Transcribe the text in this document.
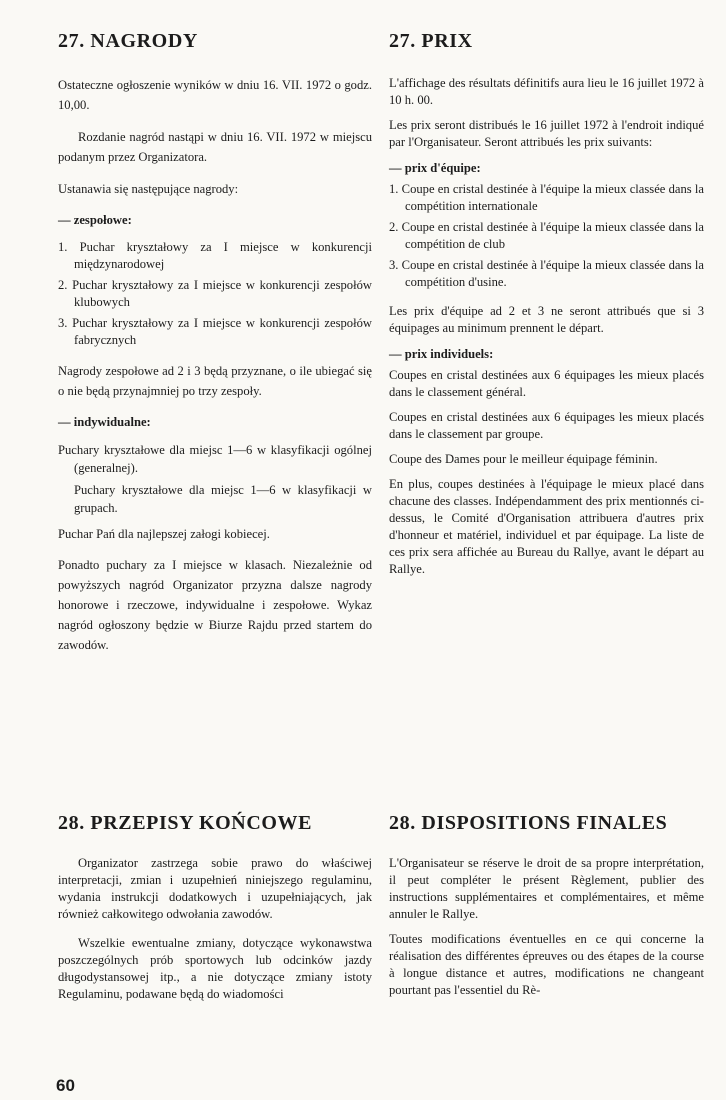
27. NAGRODY

Ostateczne ogłoszenie wyników w dniu 16. VII. 1972 o godz. 10,00.

Rozdanie nagród nastąpi w dniu 16. VII. 1972 w miejscu podanym przez Organizatora.

Ustanawia się następujące nagrody:

— zespołowe:
1. Puchar kryształowy za I miejsce w konkurencji międzynarodowej
2. Puchar kryształowy za I miejsce w konkurencji zespołów klubowych
3. Puchar kryształowy za I miejsce w konkurencji zespołów fabrycznych

Nagrody zespołowe ad 2 i 3 będą przyznane, o ile ubiegać się o nie będą przynajmniej po trzy zespoły.

— indywidualne:

Puchary kryształowe dla miejsc 1—6 w klasyfikacji ogólnej (generalnej).

Puchary kryształowe dla miejsc 1—6 w klasyfikacji w grupach.

Puchar Pań dla najlepszej załogi kobiecej.

Ponadto puchary za I miejsce w klasach. Niezależnie od powyższych nagród Organizator przyzna dalsze nagrody honorowe i rzeczowe, indywidualne i zespołowe. Wykaz nagród ogłoszony będzie w Biurze Rajdu przed startem do zawodów.

27. PRIX

L'affichage des résultats définitifs aura lieu le 16 juillet 1972 à 10 h. 00.

Les prix seront distribués le 16 juillet 1972 à l'endroit indiqué par l'Organisateur. Seront attribués les prix suivants:

— prix d'équipe:
1. Coupe en cristal destinée à l'équipe la mieux classée dans la compétition internationale
2. Coupe en cristal destinée à l'équipe la mieux classée dans la compétition de club
3. Coupe en cristal destinée à l'équipe la mieux classée dans la compétition d'usine.

Les prix d'équipe ad 2 et 3 ne seront attribués que si 3 équipages au minimum prennent le départ.

— prix individuels:

Coupes en cristal destinées aux 6 équipages les mieux placés dans le classement général.

Coupes en cristal destinées aux 6 équipages les mieux placés dans le classement par groupe.

Coupe des Dames pour le meilleur équipage féminin.

En plus, coupes destinées à l'équipage le mieux placé dans chacune des classes. Indépendamment des prix mentionnés ci-dessus, le Comité d'Organisation attribuera d'autres prix d'honneur et matériel, individuel et par équipage. La liste de ces prix sera affichée au Bureau du Rallye, avant le départ au Rallye.

28. PRZEPISY KOŃCOWE

Organizator zastrzega sobie prawo do właściwej interpretacji, zmian i uzupełnień niniejszego regulaminu, wydania instrukcji dodatkowych i uzupełniających, jak również całkowitego odwołania zawodów.

Wszelkie ewentualne zmiany, dotyczące wykonawstwa poszczególnych prób sportowych lub odcinków jazdy długodystansowej itp., a nie dotyczące zmiany istoty Regulaminu, podawane będą do wiadomości

28. DISPOSITIONS FINALES

L'Organisateur se réserve le droit de sa propre interprétation, il peut compléter le présent Règlement, publier des instructions supplémentaires et complémentaires, et même annuler le Rallye.

Toutes modifications éventuelles en ce qui concerne la réalisation des différentes épreuves ou des étapes de la course à longue distance et autres, modifications ne changeant pourtant pas l'essentiel du Rè-

60
